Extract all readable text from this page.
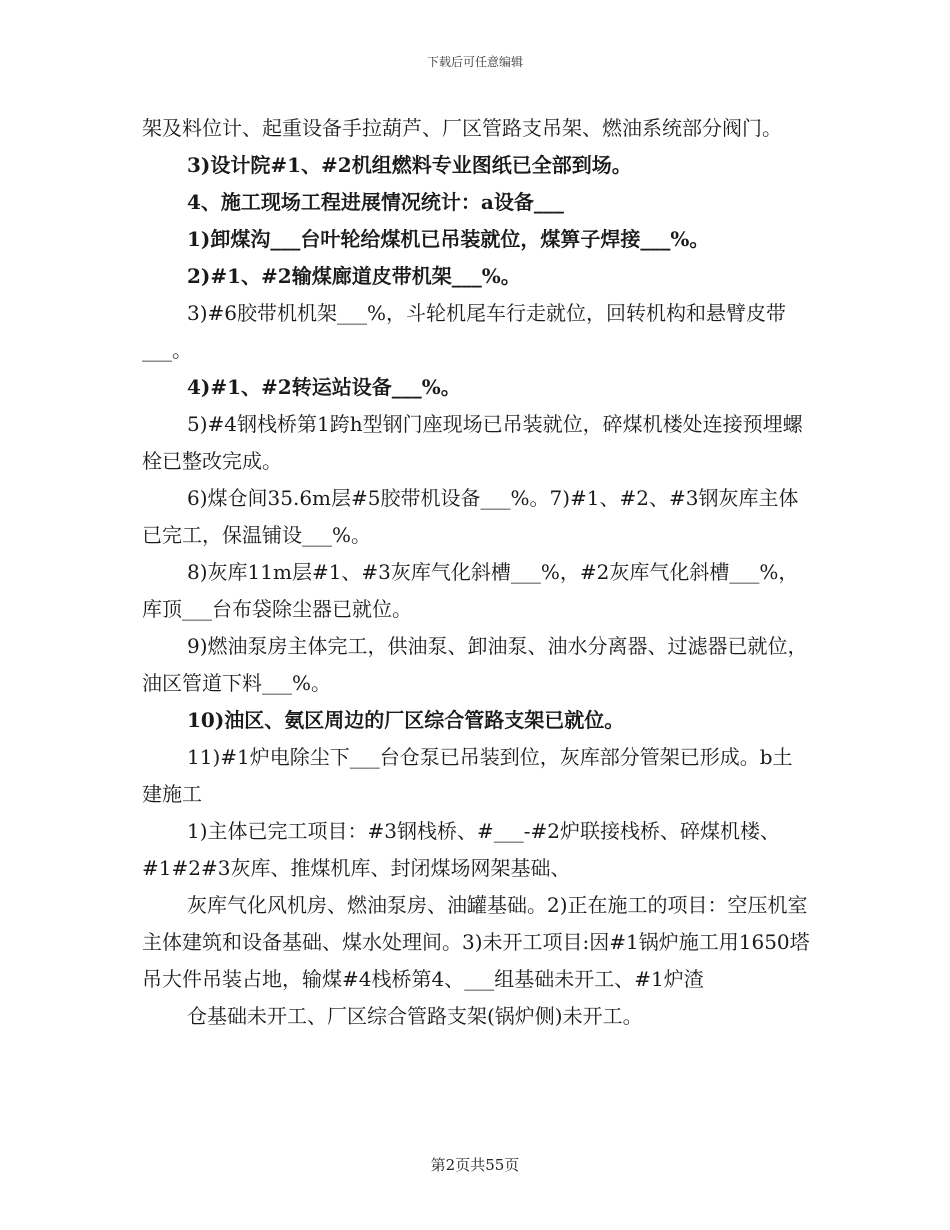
下载后可任意编辑

架及料位计、起重设备手拉葫芦、厂区管路支吊架、燃油系统部分阀门。

3)设计院#1、#2机组燃料专业图纸已全部到场。

4、施工现场工程进展情况统计：a设备___

1)卸煤沟___台叶轮给煤机已吊装就位，煤箅子焊接___%。

2)#1、#2输煤廊道皮带机架___%。

3)#6胶带机机架___%，斗轮机尾车行走就位，回转机构和悬臂皮带___。

4)#1、#2转运站设备___%。

5)#4钢栈桥第1跨h型钢门座现场已吊装就位，碎煤机楼处连接预埋螺栓已整改完成。

6)煤仓间35.6m层#5胶带机设备___%。7)#1、#2、#3钢灰库主体已完工，保温铺设___%。

8)灰库11m层#1、#3灰库气化斜槽___%，#2灰库气化斜槽___%，库顶___台布袋除尘器已就位。

9)燃油泵房主体完工，供油泵、卸油泵、油水分离器、过滤器已就位，油区管道下料___%。

10)油区、氨区周边的厂区综合管路支架已就位。

11)#1炉电除尘下___台仓泵已吊装到位，灰库部分管架已形成。b土建施工

1)主体已完工项目：#3钢栈桥、#___-#2炉联接栈桥、碎煤机楼、#1#2#3灰库、推煤机库、封闭煤场网架基础、

灰库气化风机房、燃油泵房、油罐基础。2)正在施工的项目：空压机室主体建筑和设备基础、煤水处理间。3)未开工项目:因#1锅炉施工用1650塔吊大件吊装占地，输煤#4栈桥第4、___组基础未开工、#1炉渣

仓基础未开工、厂区综合管路支架(锅炉侧)未开工。

第2页共55页
